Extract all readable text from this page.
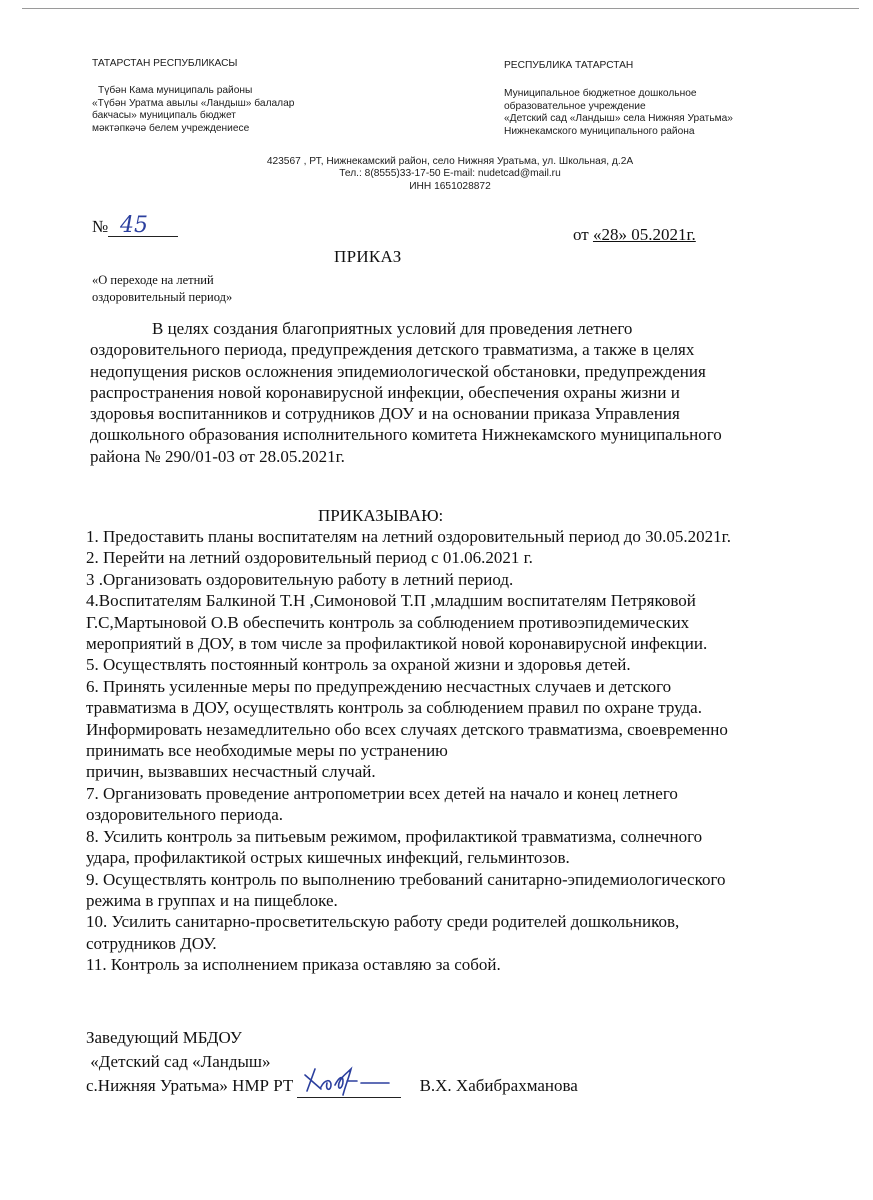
ТАТАРСТАН РЕСПУБЛИКАСЫ
Түбән Кама муниципаль районы
«Түбән Уратма авылы «Ландыш» балалар
бакчасы» муниципаль бюджет
мәктәпкәчә белем учреждениесе
РЕСПУБЛИКА ТАТАРСТАН
Муниципальное бюджетное дошкольное
образовательное учреждение
«Детский сад «Ландыш» села Нижняя Уратьма»
Нижнекамского муниципального района
423567 , РТ, Нижнекамский район, село Нижняя Уратьма, ул. Школьная, д.2А
Тел.: 8(8555)33-17-50 E-mail: nudetcad@mail.ru
ИНН 1651028872
№ 45	от «28» 05.2021г.
ПРИКАЗ
«О переходе на летний
оздоровительный период»
В целях создания благоприятных условий для проведения летнего
оздоровительного периода, предупреждения детского травматизма, а также в целях
недопущения рисков осложнения эпидемиологической обстановки, предупреждения
распространения новой коронавирусной инфекции, обеспечения охраны жизни и
здоровья воспитанников и сотрудников ДОУ и на основании приказа Управления
дошкольного образования исполнительного комитета Нижнекамского муниципального
района № 290/01-03 от 28.05.2021г.
ПРИКАЗЫВАЮ:

1. Предоставить планы воспитателям на летний оздоровительный период до 30.05.2021г.

2. Перейти на летний оздоровительный период с 01.06.2021 г.

3 .Организовать оздоровительную работу в летний период.

4.Воспитателям Балкиной Т.Н ,Симоновой Т.П ,младшим воспитателям Петряковой

Г.С,Мартыновой О.В обеспечить контроль за соблюдением противоэпидемических

мероприятий в ДОУ, в том числе за профилактикой новой коронавирусной инфекции.

5. Осуществлять постоянный контроль за охраной жизни и здоровья детей.

6. Принять усиленные меры по предупреждению несчастных случаев и детского

травматизма в ДОУ, осуществлять контроль за соблюдением правил по охране труда.

Информировать незамедлительно обо всех случаях детского травматизма, своевременно

принимать все необходимые меры по устранению

причин, вызвавших несчастный случай.

7. Организовать проведение антропометрии всех детей на начало и конец летнего

оздоровительного периода.

8. Усилить контроль за питьевым режимом, профилактикой травматизма, солнечного

удара, профилактикой острых кишечных инфекций, гельминтозов.

9. Осуществлять контроль по выполнению требований санитарно-эпидемиологического

режима в группах и на пищеблоке.

10. Усилить санитарно-просветительскую работу среди родителей дошкольников,

сотрудников ДОУ.

11. Контроль за исполнением приказа оставляю за собой.

Заведующий МБДОУ
«Детский сад «Ландыш»
с.Нижняя Уратьма» НМР РТ	В.Х. Хабибрахманова
